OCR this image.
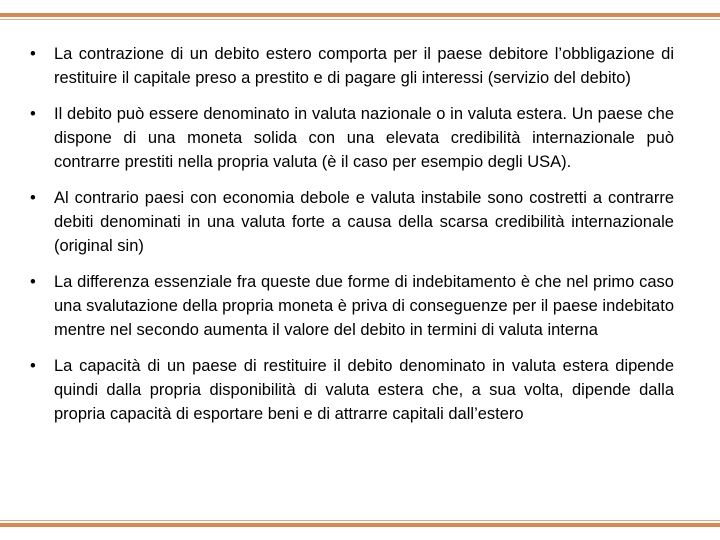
•	La contrazione di un debito estero comporta per il paese debitore l’obbligazione di restituire il capitale preso a prestito e di pagare gli interessi (servizio del debito)
•	Il debito può essere denominato in valuta nazionale o in valuta estera. Un paese che dispone di una moneta solida con una elevata credibilità internazionale può contrarre prestiti nella propria valuta (è il caso per esempio degli USA).
•	Al contrario paesi con economia debole e valuta instabile sono costretti a contrarre debiti denominati in una valuta forte a causa della scarsa credibilità internazionale (original sin)
•	La differenza essenziale fra queste due forme di indebitamento è che nel primo caso una svalutazione della propria moneta è priva di conseguenze per il paese indebitato mentre nel secondo aumenta il valore del debito in termini di valuta interna
•	La capacità di un paese di restituire il debito denominato in valuta estera dipende quindi dalla propria disponibilità di valuta estera che, a sua volta, dipende dalla propria capacità di esportare beni e di attrarre capitali dall’estero
